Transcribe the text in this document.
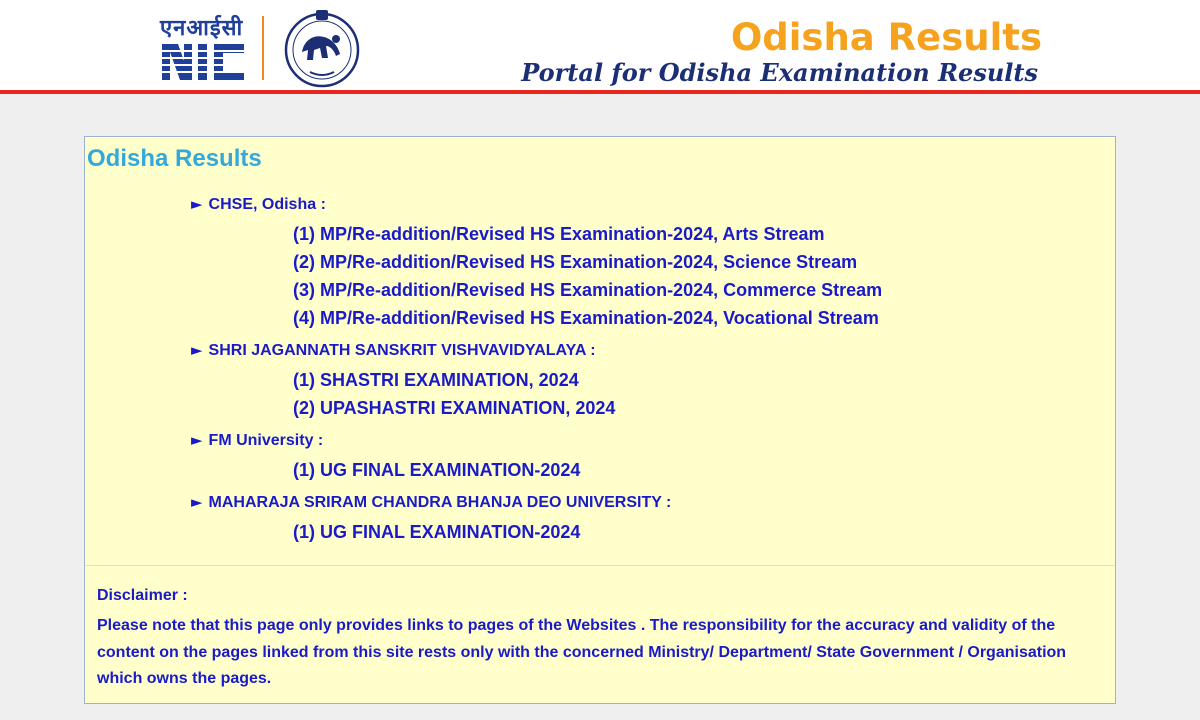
एनआईसी	Odisha Results
Portal for Odisha Examination Results
Odisha Results
► CHSE, Odisha :
(1) MP/Re-addition/Revised HS Examination-2024, Arts Stream
(2) MP/Re-addition/Revised HS Examination-2024, Science Stream
(3) MP/Re-addition/Revised HS Examination-2024, Commerce Stream
(4) MP/Re-addition/Revised HS Examination-2024, Vocational Stream
► SHRI JAGANNATH SANSKRIT VISHVAVIDYALAYA :
(1) SHASTRI EXAMINATION, 2024
(2) UPASHASTRI EXAMINATION, 2024
► FM University :
(1) UG FINAL EXAMINATION-2024
► MAHARAJA SRIRAM CHANDRA BHANJA DEO UNIVERSITY :
(1) UG FINAL EXAMINATION-2024
Disclaimer :
Please note that this page only provides links to pages of the Websites . The responsibility for the accuracy and validity of the content on the pages linked from this site rests only with the concerned Ministry/ Department/ State Government / Organisation which owns the pages.
